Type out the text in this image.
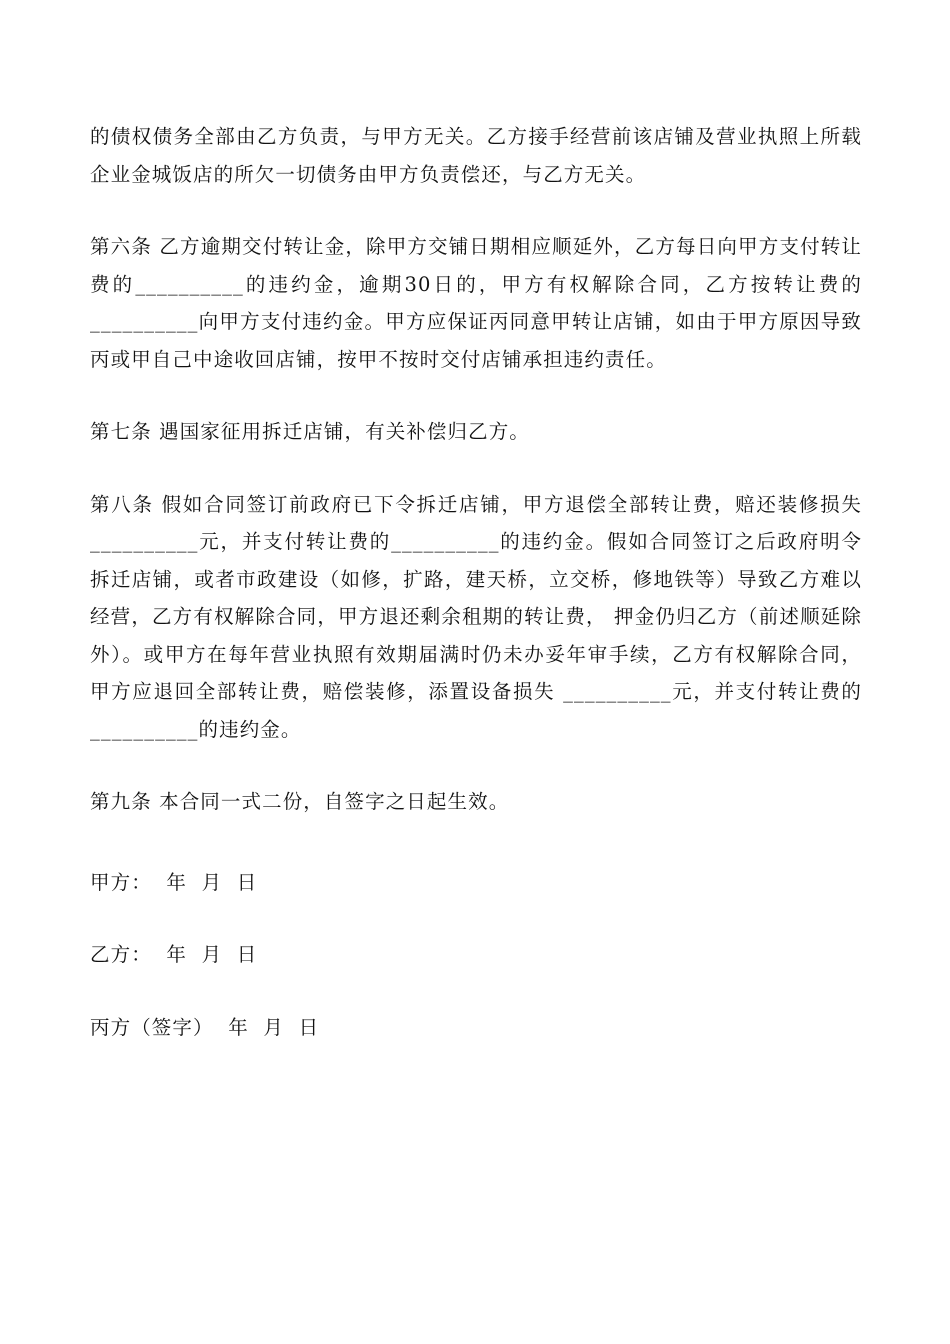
的债权债务全部由乙方负责，与甲方无关。乙方接手经营前该店铺及营业执照上所载企业金城饭店的所欠一切债务由甲方负责偿还，与乙方无关。

第六条 乙方逾期交付转让金，除甲方交铺日期相应顺延外，乙方每日向甲方支付转让费的__________的违约金，逾期30日的，甲方有权解除合同，乙方按转让费的__________向甲方支付违约金。甲方应保证丙同意甲转让店铺，如由于甲方原因导致丙或甲自己中途收回店铺，按甲不按时交付店铺承担违约责任。

第七条 遇国家征用拆迁店铺，有关补偿归乙方。

第八条 假如合同签订前政府已下令拆迁店铺，甲方退偿全部转让费，赔还装修损失__________元，并支付转让费的__________的违约金。假如合同签订之后政府明令拆迁店铺，或者市政建设（如修，扩路，建天桥，立交桥，修地铁等）导致乙方难以经营，乙方有权解除合同，甲方退还剩余租期的转让费， 押金仍归乙方（前述顺延除外）。或甲方在每年营业执照有效期届满时仍未办妥年审手续，乙方有权解除合同，甲方应退回全部转让费，赔偿装修，添置设备损失 __________元，并支付转让费的__________的违约金。

第九条 本合同一式二份，自签字之日起生效。

甲方：  年  月  日

乙方：  年  月  日

丙方（签字）  年  月  日
